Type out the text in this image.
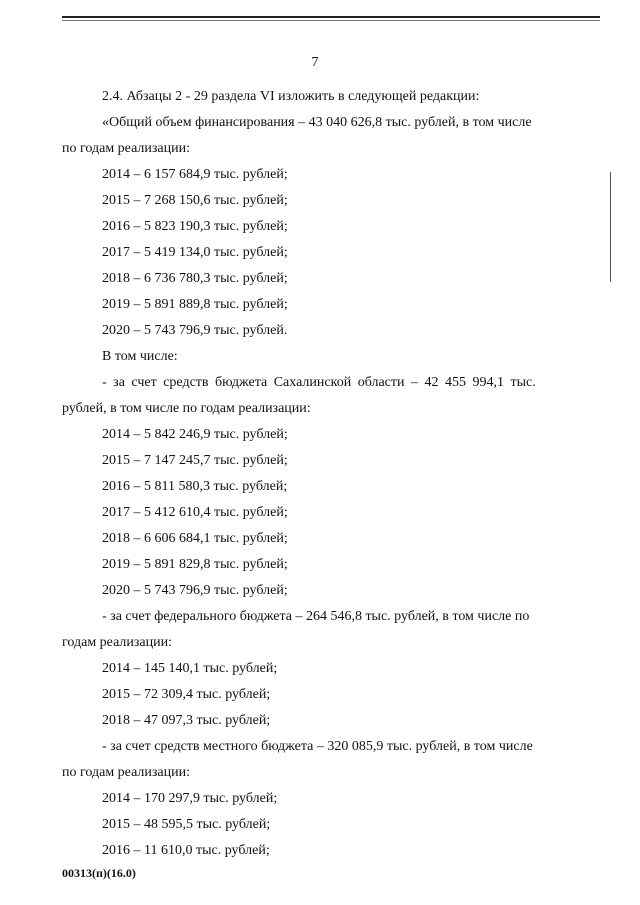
7

2.4. Абзацы 2 - 29 раздела VI изложить в следующей редакции:

«Общий объем финансирования – 43 040 626,8 тыс. рублей, в том числе

по годам реализации:

2014 – 6 157 684,9 тыс. рублей;

2015 – 7 268 150,6 тыс. рублей;

2016 – 5 823 190,3 тыс. рублей;

2017 – 5 419 134,0 тыс. рублей;

2018 – 6 736 780,3 тыс. рублей;

2019 – 5 891 889,8 тыс. рублей;

2020 – 5 743 796,9 тыс. рублей.

В том числе:

- за счет средств бюджета Сахалинской области – 42 455 994,1 тыс.

рублей, в том числе по годам реализации:

2014 – 5 842 246,9 тыс. рублей;

2015 – 7 147 245,7 тыс. рублей;

2016 – 5 811 580,3 тыс. рублей;

2017 – 5 412 610,4 тыс. рублей;

2018 – 6 606 684,1 тыс. рублей;

2019 – 5 891 829,8 тыс. рублей;

2020 – 5 743 796,9 тыс. рублей;

- за счет федерального бюджета – 264 546,8 тыс. рублей, в том числе по

годам реализации:

2014 – 145 140,1 тыс. рублей;

2015 – 72 309,4 тыс. рублей;

2018 – 47 097,3 тыс. рублей;

- за счет средств местного бюджета – 320 085,9 тыс. рублей, в том числе

по годам реализации:

2014 – 170 297,9 тыс. рублей;

2015 – 48 595,5 тыс. рублей;

2016 – 11 610,0 тыс. рублей;

00313(п)(16.0)
